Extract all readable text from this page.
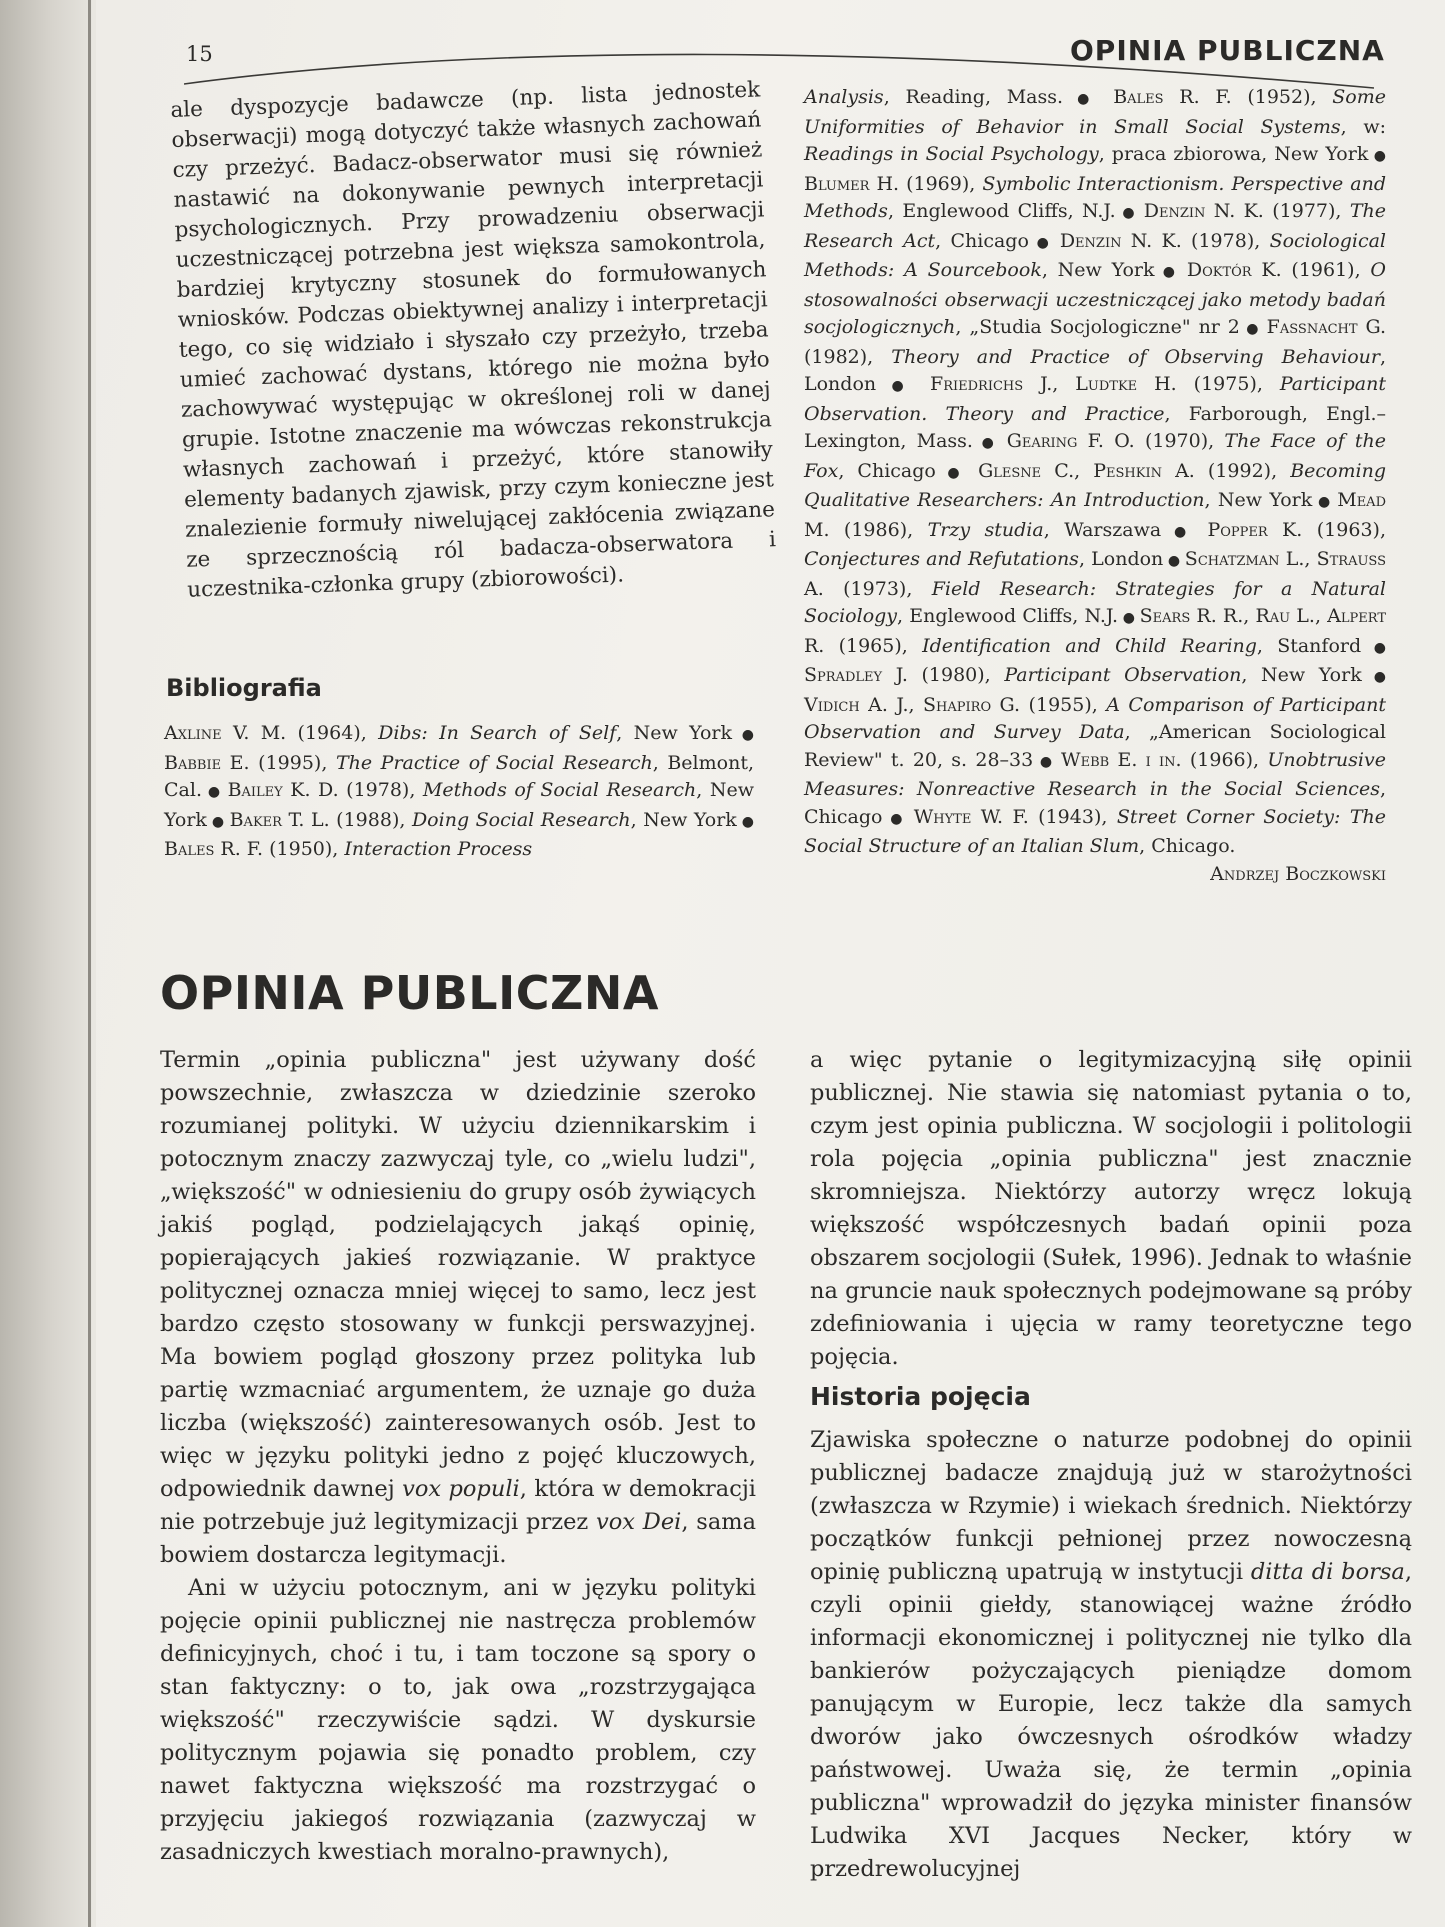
15	OPINIA PUBLICZNA
ale dyspozycje badawcze (np. lista jednostek obserwacji) mogą dotyczyć także własnych zachowań czy przeżyć. Badacz-obserwator musi się również nastawić na dokonywanie pewnych interpretacji psychologicznych. Przy prowadzeniu obserwacji uczestniczącej potrzebna jest większa samokontrola, bardziej krytyczny stosunek do formułowanych wniosków. Podczas obiektywnej analizy i interpretacji tego, co się widziało i słyszało czy przeżyło, trzeba umieć zachować dystans, którego nie można było zachowywać występując w określonej roli w danej grupie. Istotne znaczenie ma wówczas rekonstrukcja własnych zachowań i przeżyć, które stanowiły elementy badanych zjawisk, przy czym konieczne jest znalezienie formuły niwelującej zakłócenia związane ze sprzecznością ról badacza-obserwatora i uczestnika-członka grupy (zbiorowości).
Bibliografia
Axline V. M. (1964), Dibs: In Search of Self, New York ● Babbie E. (1995), The Practice of Social Research, Belmont, Cal. ● Bailey K. D. (1978), Methods of Social Research, New York ● Baker T. L. (1988), Doing Social Research, New York ● Bales R. F. (1950), Interaction Process
Analysis, Reading, Mass. ● Bales R. F. (1952), Some Uniformities of Behavior in Small Social Systems, w: Readings in Social Psychology, praca zbiorowa, New York ● Blumer H. (1969), Symbolic Interactionism. Perspective and Methods, Englewood Cliffs, N.J. ● Denzin N. K. (1977), The Research Act, Chicago ● Denzin N. K. (1978), Sociological Methods: A Sourcebook, New York ● Doktór K. (1961), O stosowalności obserwacji uczestniczącej jako metody badań socjologicznych, „Studia Socjologiczne" nr 2 ● Fassnacht G. (1982), Theory and Practice of Observing Behaviour, London ● Friedrichs J., Ludtke H. (1975), Participant Observation. Theory and Practice, Farborough, Engl.–Lexington, Mass. ● Gearing F. O. (1970), The Face of the Fox, Chicago ● Glesne C., Peshkin A. (1992), Becoming Qualitative Researchers: An Introduction, New York ● Mead M. (1986), Trzy studia, Warszawa ● Popper K. (1963), Conjectures and Refutations, London ● Schatzman L., Strauss A. (1973), Field Research: Strategies for a Natural Sociology, Englewood Cliffs, N.J. ● Sears R. R., Rau L., Alpert R. (1965), Identification and Child Rearing, Stanford ● Spradley J. (1980), Participant Observation, New York ● Vidich A. J., Shapiro G. (1955), A Comparison of Participant Observation and Survey Data, „American Sociological Review" t. 20, s. 28–33 ● Webb E. i in. (1966), Unobtrusive Measures: Nonreactive Research in the Social Sciences, Chicago ● Whyte W. F. (1943), Street Corner Society: The Social Structure of an Italian Slum, Chicago.
Andrzej Boczkowski
OPINIA PUBLICZNA
Termin „opinia publiczna" jest używany dość powszechnie, zwłaszcza w dziedzinie szeroko rozumianej polityki. W użyciu dziennikarskim i potocznym znaczy zazwyczaj tyle, co „wielu ludzi", „większość" w odniesieniu do grupy osób żywiących jakiś pogląd, podzielających jakąś opinię, popierających jakieś rozwiązanie. W praktyce politycznej oznacza mniej więcej to samo, lecz jest bardzo często stosowany w funkcji perswazyjnej. Ma bowiem pogląd głoszony przez polityka lub partię wzmacniać argumentem, że uznaje go duża liczba (większość) zainteresowanych osób. Jest to więc w języku polityki jedno z pojęć kluczowych, odpowiednik dawnej vox populi, która w demokracji nie potrzebuje już legitymizacji przez vox Dei, sama bowiem dostarcza legitymacji.
Ani w użyciu potocznym, ani w języku polityki pojęcie opinii publicznej nie nastręcza problemów definicyjnych, choć i tu, i tam toczone są spory o stan faktyczny: o to, jak owa „rozstrzygająca większość" rzeczywiście sądzi. W dyskursie politycznym pojawia się ponadto problem, czy nawet faktyczna większość ma rozstrzygać o przyjęciu jakiegoś rozwiązania (zazwyczaj w zasadniczych kwestiach moralno-prawnych),
a więc pytanie o legitymizacyjną siłę opinii publicznej. Nie stawia się natomiast pytania o to, czym jest opinia publiczna. W socjologii i politologii rola pojęcia „opinia publiczna" jest znacznie skromniejsza. Niektórzy autorzy wręcz lokują większość współczesnych badań opinii poza obszarem socjologii (Sułek, 1996). Jednak to właśnie na gruncie nauk społecznych podejmowane są próby zdefiniowania i ujęcia w ramy teoretyczne tego pojęcia.
Historia pojęcia
Zjawiska społeczne o naturze podobnej do opinii publicznej badacze znajdują już w starożytności (zwłaszcza w Rzymie) i wiekach średnich. Niektórzy początków funkcji pełnionej przez nowoczesną opinię publiczną upatrują w instytucji ditta di borsa, czyli opinii giełdy, stanowiącej ważne źródło informacji ekonomicznej i politycznej nie tylko dla bankierów pożyczających pieniądze domom panującym w Europie, lecz także dla samych dworów jako ówczesnych ośrodków władzy państwowej. Uważa się, że termin „opinia publiczna" wprowadził do języka minister finansów Ludwika XVI Jacques Necker, który w przedrewolucyjnej
